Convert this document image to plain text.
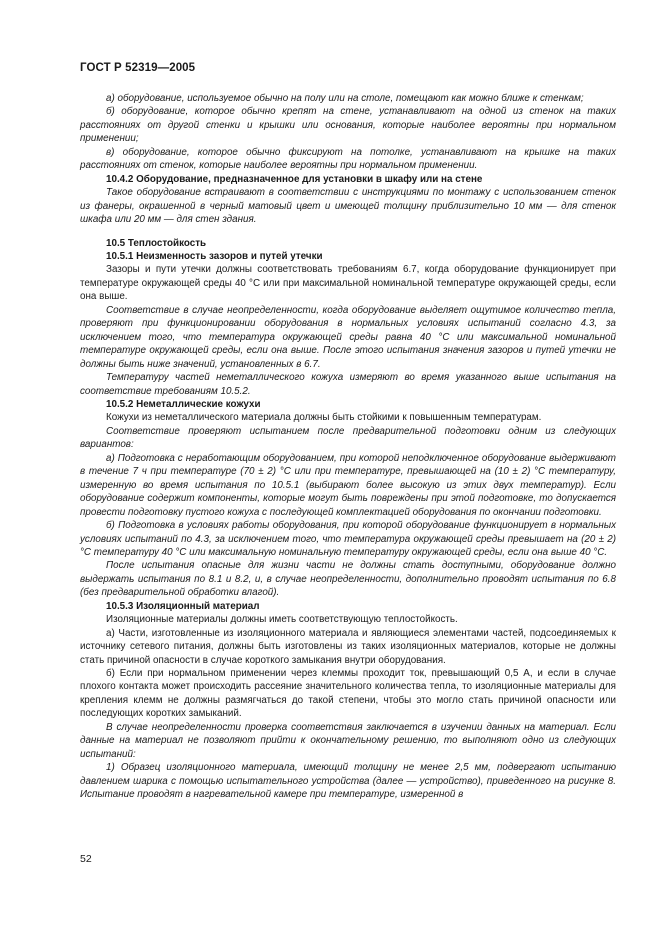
ГОСТ Р 52319—2005

а) оборудование, используемое обычно на полу или на столе, помещают как можно ближе к стенкам;

б) оборудование, которое обычно крепят на стене, устанавливают на одной из стенок на таких расстояниях от другой стенки и крышки или основания, которые наиболее вероятны при нормальном применении;

в) оборудование, которое обычно фиксируют на потолке, устанавливают на крышке на таких расстояниях от стенок, которые наиболее вероятны при нормальном применении.

10.4.2 Оборудование, предназначенное для установки в шкафу или на стене

Такое оборудование встраивают в соответствии с инструкциями по монтажу с использованием стенок из фанеры, окрашенной в черный матовый цвет и имеющей толщину приблизительно 10 мм — для стенок шкафа или 20 мм — для стен здания.

10.5 Теплостойкость

10.5.1 Неизменность зазоров и путей утечки

Зазоры и пути утечки должны соответствовать требованиям 6.7, когда оборудование функционирует при температуре окружающей среды 40 °С или при максимальной номинальной температуре окружающей среды, если она выше.

Соответствие в случае неопределенности, когда оборудование выделяет ощутимое количество тепла, проверяют при функционировании оборудования в нормальных условиях испытаний согласно 4.3, за исключением того, что температура окружающей среды равна 40 °С или максимальной номинальной температуре окружающей среды, если она выше. После этого испытания значения зазоров и путей утечки не должны быть ниже значений, установленных в 6.7.

Температуру частей неметаллического кожуха измеряют во время указанного выше испытания на соответствие требованиям 10.5.2.

10.5.2 Неметаллические кожухи

Кожухи из неметаллического материала должны быть стойкими к повышенным температурам.

Соответствие проверяют испытанием после предварительной подготовки одним из следующих вариантов:

а) Подготовка с неработающим оборудованием, при которой неподключенное оборудование выдерживают в течение 7 ч при температуре (70 ± 2) °С или при температуре, превышающей на (10 ± 2) °С температуру, измеренную во время испытания по 10.5.1 (выбирают более высокую из этих двух температур). Если оборудование содержит компоненты, которые могут быть повреждены при этой подготовке, то допускается провести подготовку пустого кожуха с последующей комплектацией оборудования по окончании подготовки.

б) Подготовка в условиях работы оборудования, при которой оборудование функционирует в нормальных условиях испытаний по 4.3, за исключением того, что температура окружающей среды превышает на (20 ± 2) °С температуру 40 °С или максимальную номинальную температуру окружающей среды, если она выше 40 °С.

После испытания опасные для жизни части не должны стать доступными, оборудование должно выдержать испытания по 8.1 и 8.2, и, в случае неопределенности, дополнительно проводят испытания по 6.8 (без предварительной обработки влагой).

10.5.3 Изоляционный материал

Изоляционные материалы должны иметь соответствующую теплостойкость.

а) Части, изготовленные из изоляционного материала и являющиеся элементами частей, подсоединяемых к источнику сетевого питания, должны быть изготовлены из таких изоляционных материалов, которые не должны стать причиной опасности в случае короткого замыкания внутри оборудования.

б) Если при нормальном применении через клеммы проходит ток, превышающий 0,5 А, и если в случае плохого контакта может происходить рассеяние значительного количества тепла, то изоляционные материалы для крепления клемм не должны размягчаться до такой степени, чтобы это могло стать причиной опасности или последующих коротких замыканий.

В случае неопределенности проверка соответствия заключается в изучении данных на материал. Если данные на материал не позволяют прийти к окончательному решению, то выполняют одно из следующих испытаний:

1) Образец изоляционного материала, имеющий толщину не менее 2,5 мм, подвергают испытанию давлением шарика с помощью испытательного устройства (далее — устройство), приведенного на рисунке 8. Испытание проводят в нагревательной камере при температуре, измеренной в

52
